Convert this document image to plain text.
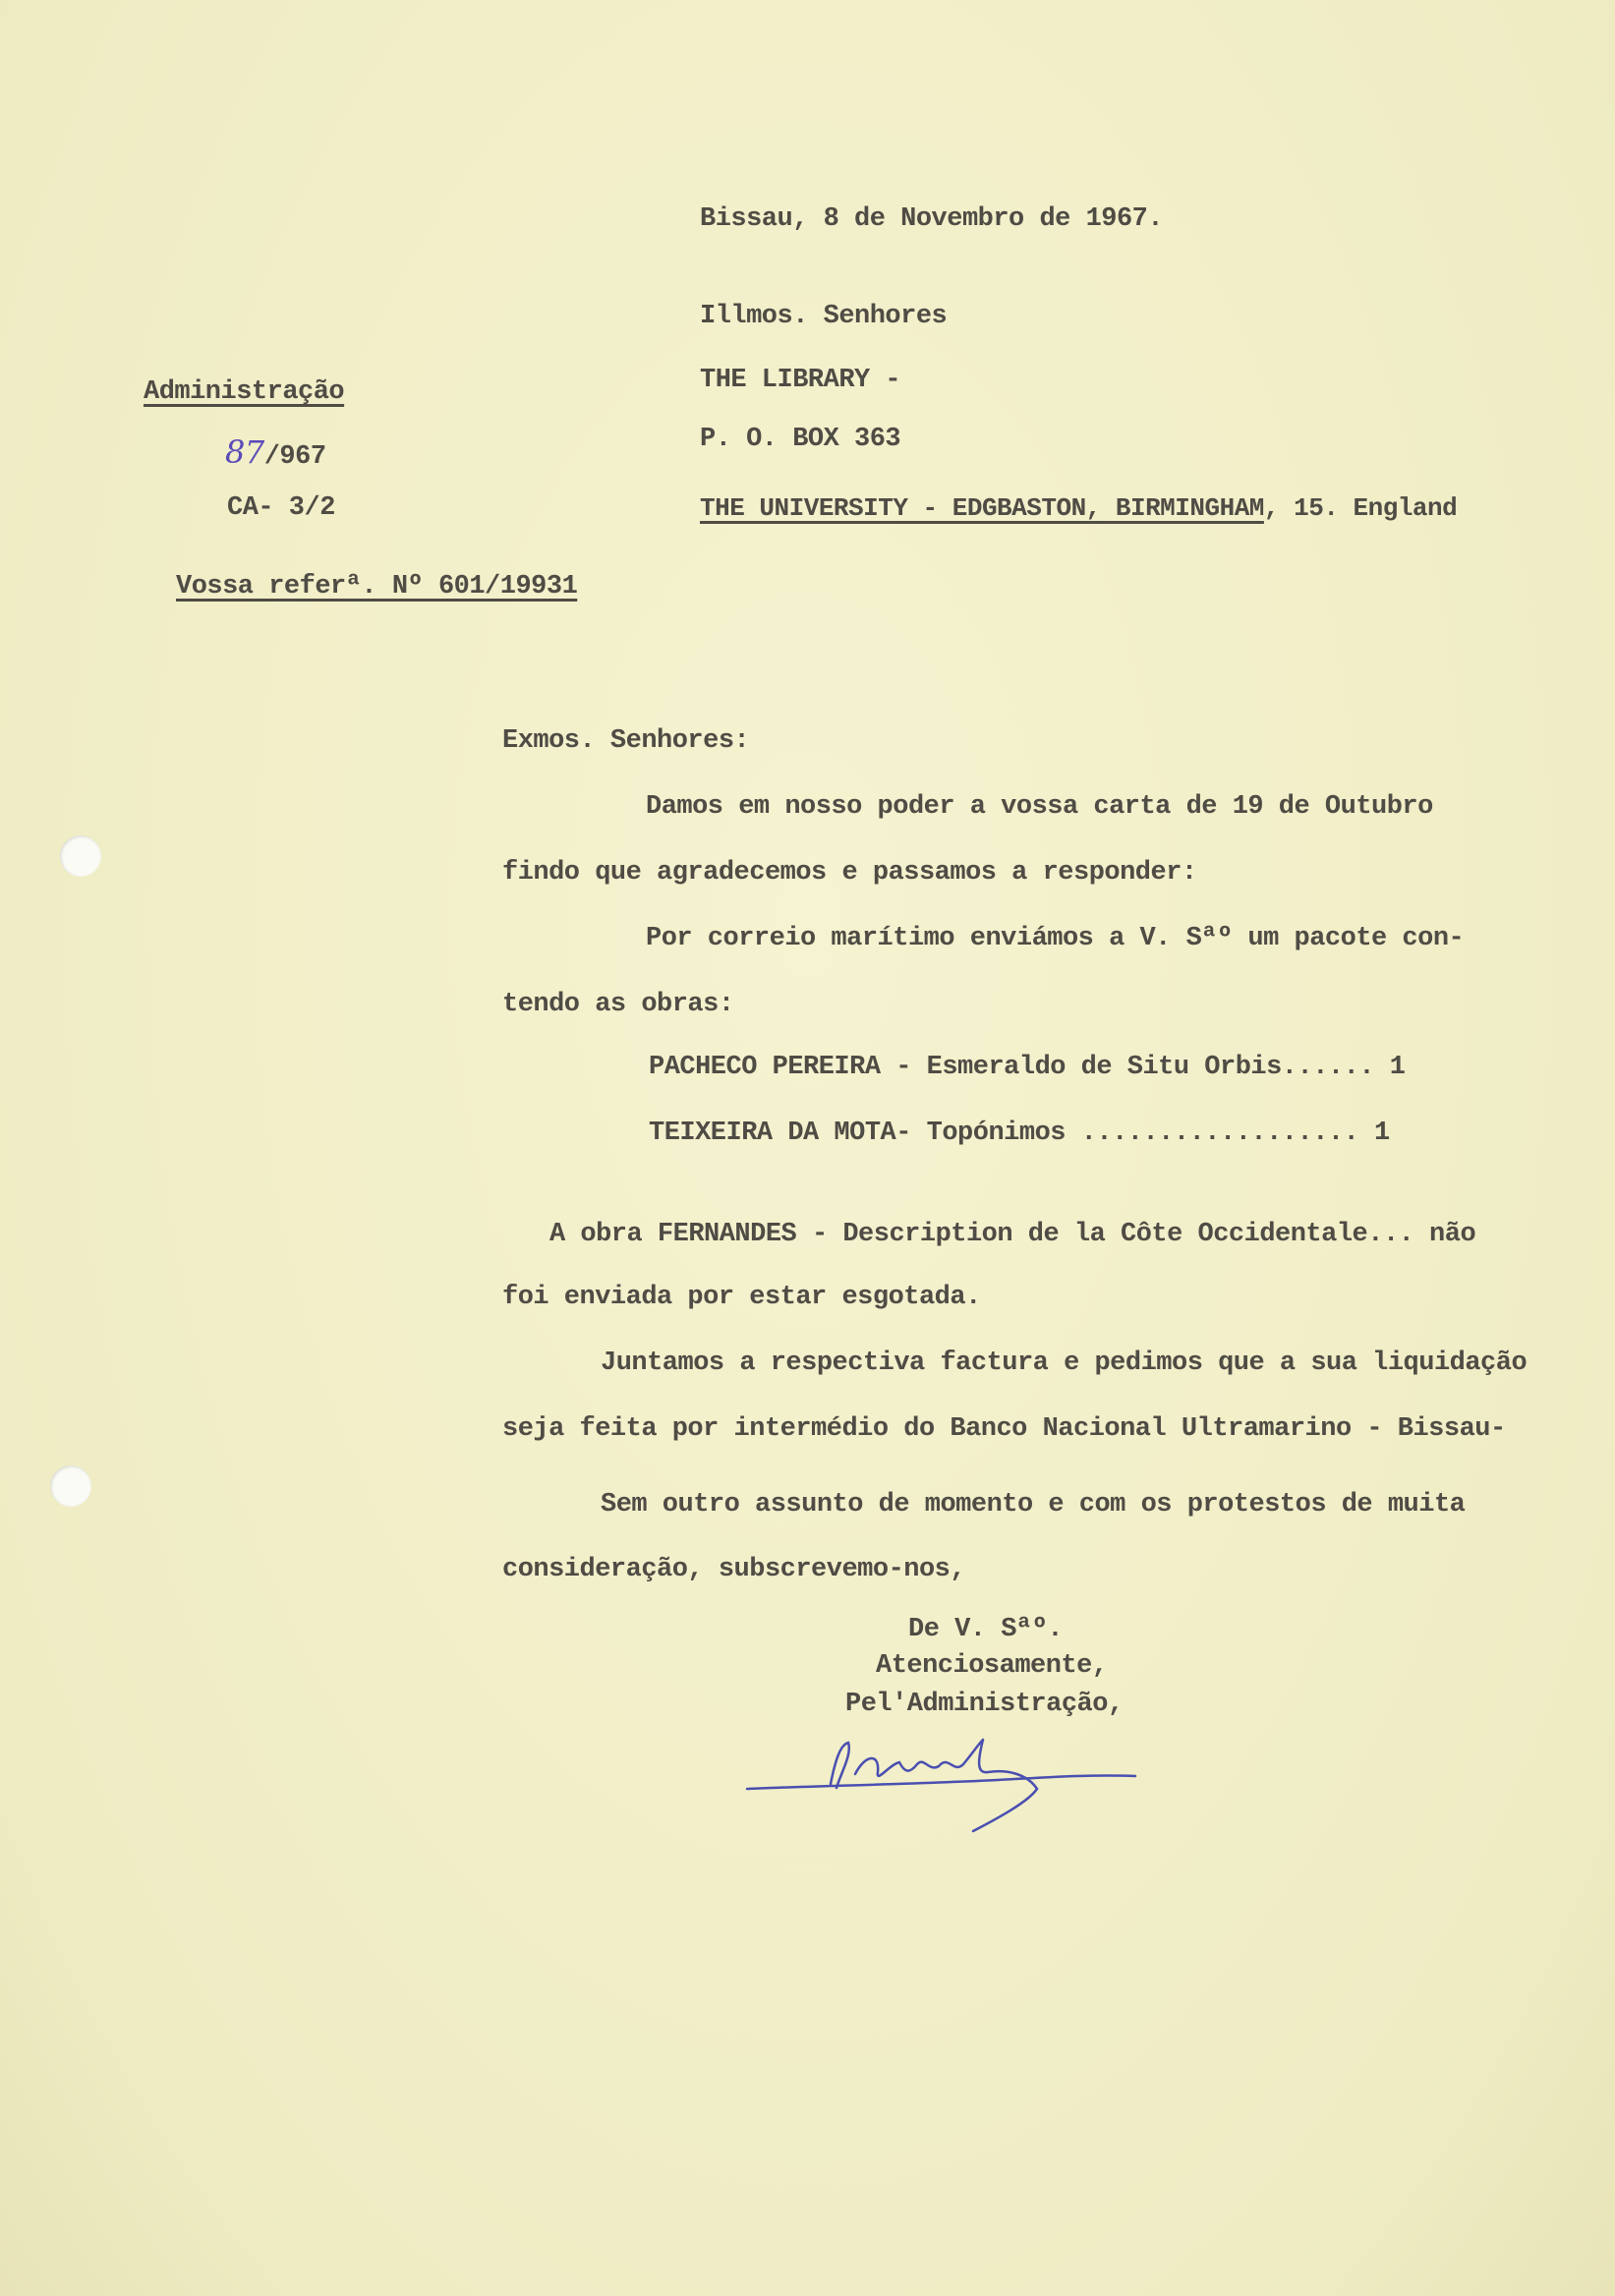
Bissau, 8 de Novembro de 1967.
Illmos. Senhores
THE LIBRARY -
P. O. BOX 363
THE UNIVERSITY - EDGBASTON, BIRMINGHAM, 15. England
Administração
87/967
CA- 3/2
Vossa referª. Nº 601/19931
Exmos. Senhores:
Damos em nosso poder a vossa carta de 19 de Outubro
findo que agradecemos e passamos a responder:
Por correio marítimo enviámos a V. Sªº um pacote con-
tendo as obras:
PACHECO PEREIRA - Esmeraldo de Situ Orbis...... 1
TEIXEIRA DA MOTA- Topónimos .................. 1
A obra FERNANDES - Description de la Côte Occidentale... não
foi enviada por estar esgotada.
Juntamos a respectiva factura e pedimos que a sua liquidação
seja feita por intermédio do Banco Nacional Ultramarino - Bissau-
Sem outro assunto de momento e com os protestos de muita
consideração, subscrevemo-nos,
De V. Sªº.
Atenciosamente,
Pel'Administração,
